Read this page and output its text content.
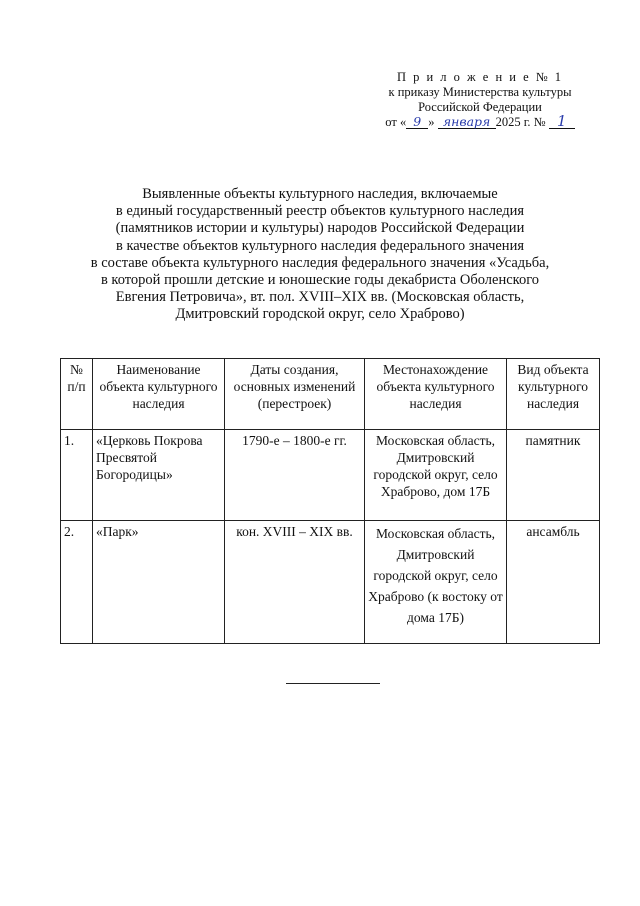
П р и л о ж е н и е № 1
к приказу Министерства культуры
Российской Федерации
от « 9 » января 2025 г. № 1
Выявленные объекты культурного наследия, включаемые
в единый государственный реестр объектов культурного наследия
(памятников истории и культуры) народов Российской Федерации
в качестве объектов культурного наследия федерального значения
в составе объекта культурного наследия федерального значения «Усадьба,
в которой прошли детские и юношеские годы декабриста Оболенского
Евгения Петровича», вт. пол. XVIII–XIX вв. (Московская область,
Дмитровский городской округ, село Храброво)
№ п/п	Наименование объекта культурного наследия	Даты создания, основных изменений (перестроек)	Местонахождение объекта культурного наследия	Вид объекта культурного наследия
1.	«Церковь Покрова Пресвятой Богородицы»	1790-е – 1800-е гг.	Московская область, Дмитровский городской округ, село Храброво, дом 17Б	памятник
2.	«Парк»	кон. XVIII – XIX вв.	Московская область, Дмитровский городской округ, село Храброво (к востоку от дома 17Б)	ансамбль
